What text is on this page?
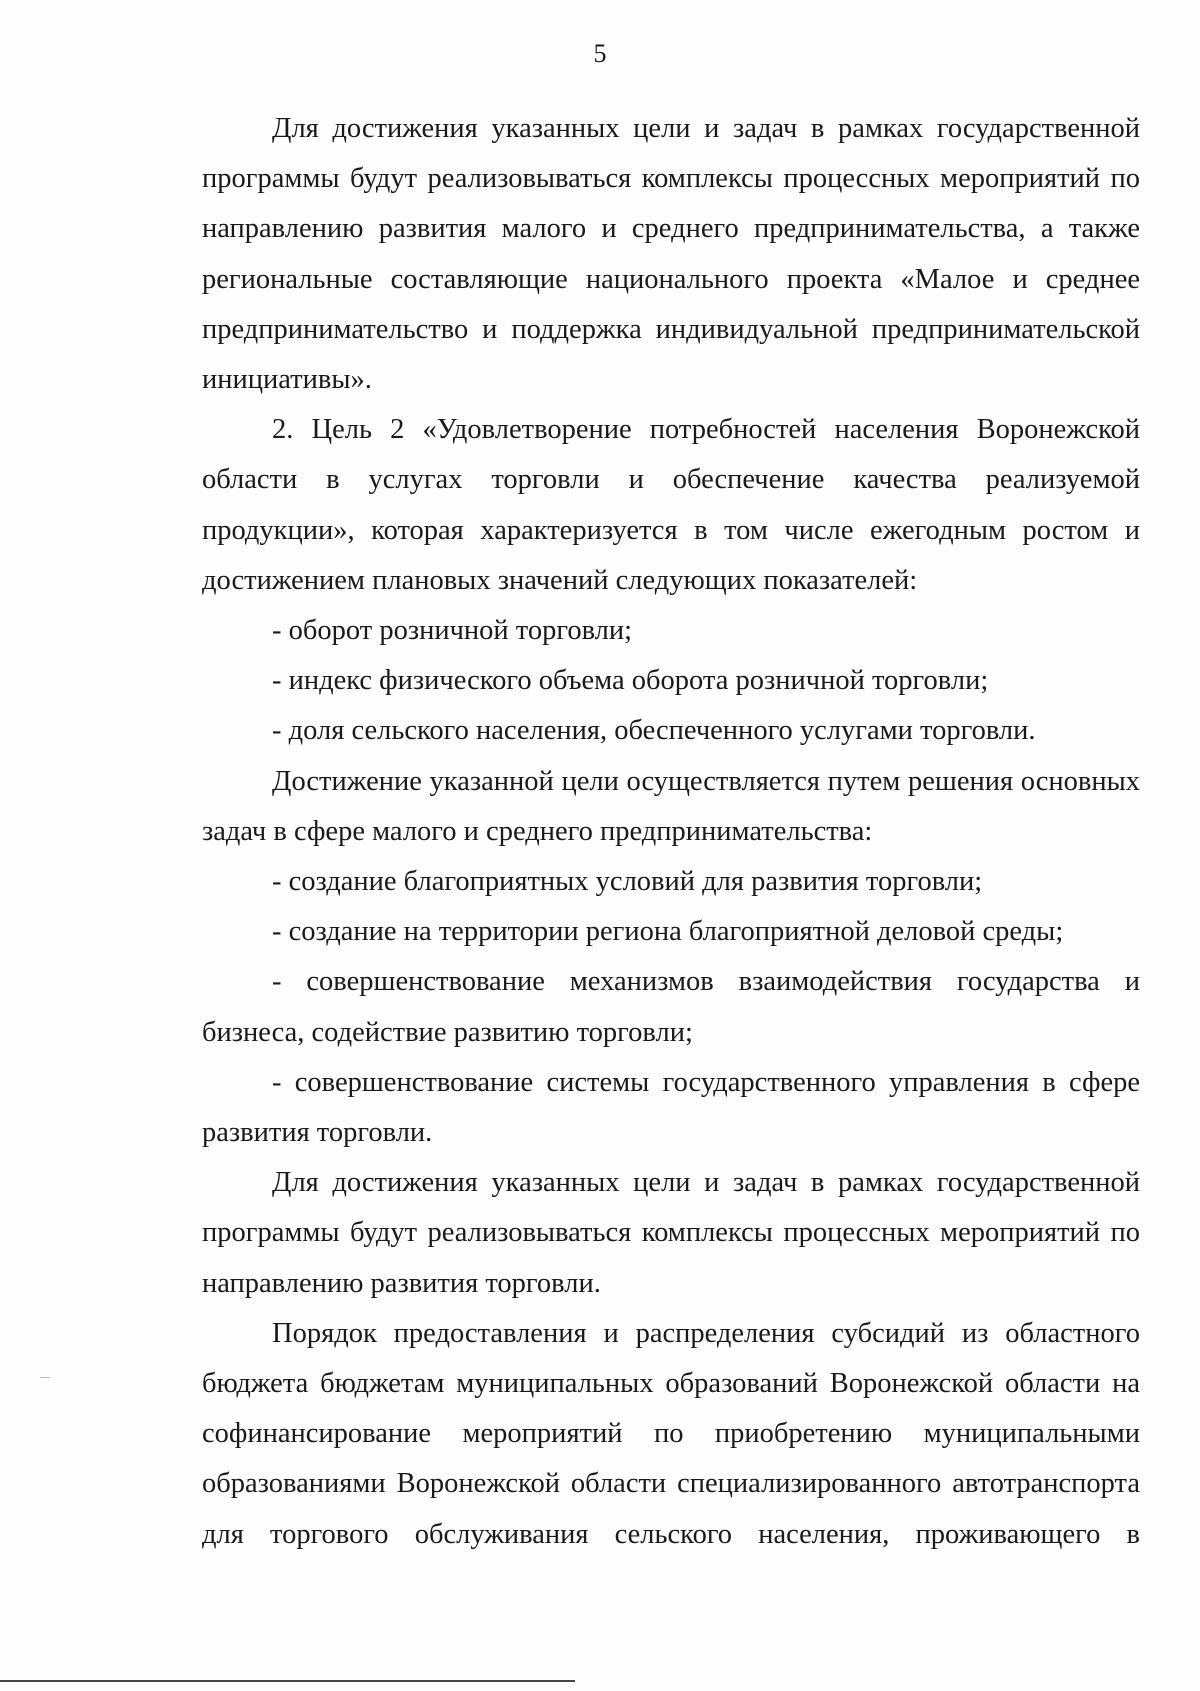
5

Для достижения указанных цели и задач в рамках государственной программы будут реализовываться комплексы процессных мероприятий по направлению развития малого и среднего предпринимательства, а также региональные составляющие национального проекта «Малое и среднее предпринимательство и поддержка индивидуальной предпринимательской инициативы».

2. Цель 2 «Удовлетворение потребностей населения Воронежской области в услугах торговли и обеспечение качества реализуемой продукции», которая характеризуется в том числе ежегодным ростом и достижением плановых значений следующих показателей:

- оборот розничной торговли;

- индекс физического объема оборота розничной торговли;

- доля сельского населения, обеспеченного услугами торговли.

Достижение указанной цели осуществляется путем решения основных задач в сфере малого и среднего предпринимательства:

- создание благоприятных условий для развития торговли;

- создание на территории региона благоприятной деловой среды;

- совершенствование механизмов взаимодействия государства и бизнеса, содействие развитию торговли;

- совершенствование системы государственного управления в сфере развития торговли.

Для достижения указанных цели и задач в рамках государственной программы будут реализовываться комплексы процессных мероприятий по направлению развития торговли.

Порядок предоставления и распределения субсидий из областного бюджета бюджетам муниципальных образований Воронежской области на софинансирование мероприятий по приобретению муниципальными образованиями Воронежской области специализированного автотранспорта для торгового обслуживания сельского населения, проживающего в
